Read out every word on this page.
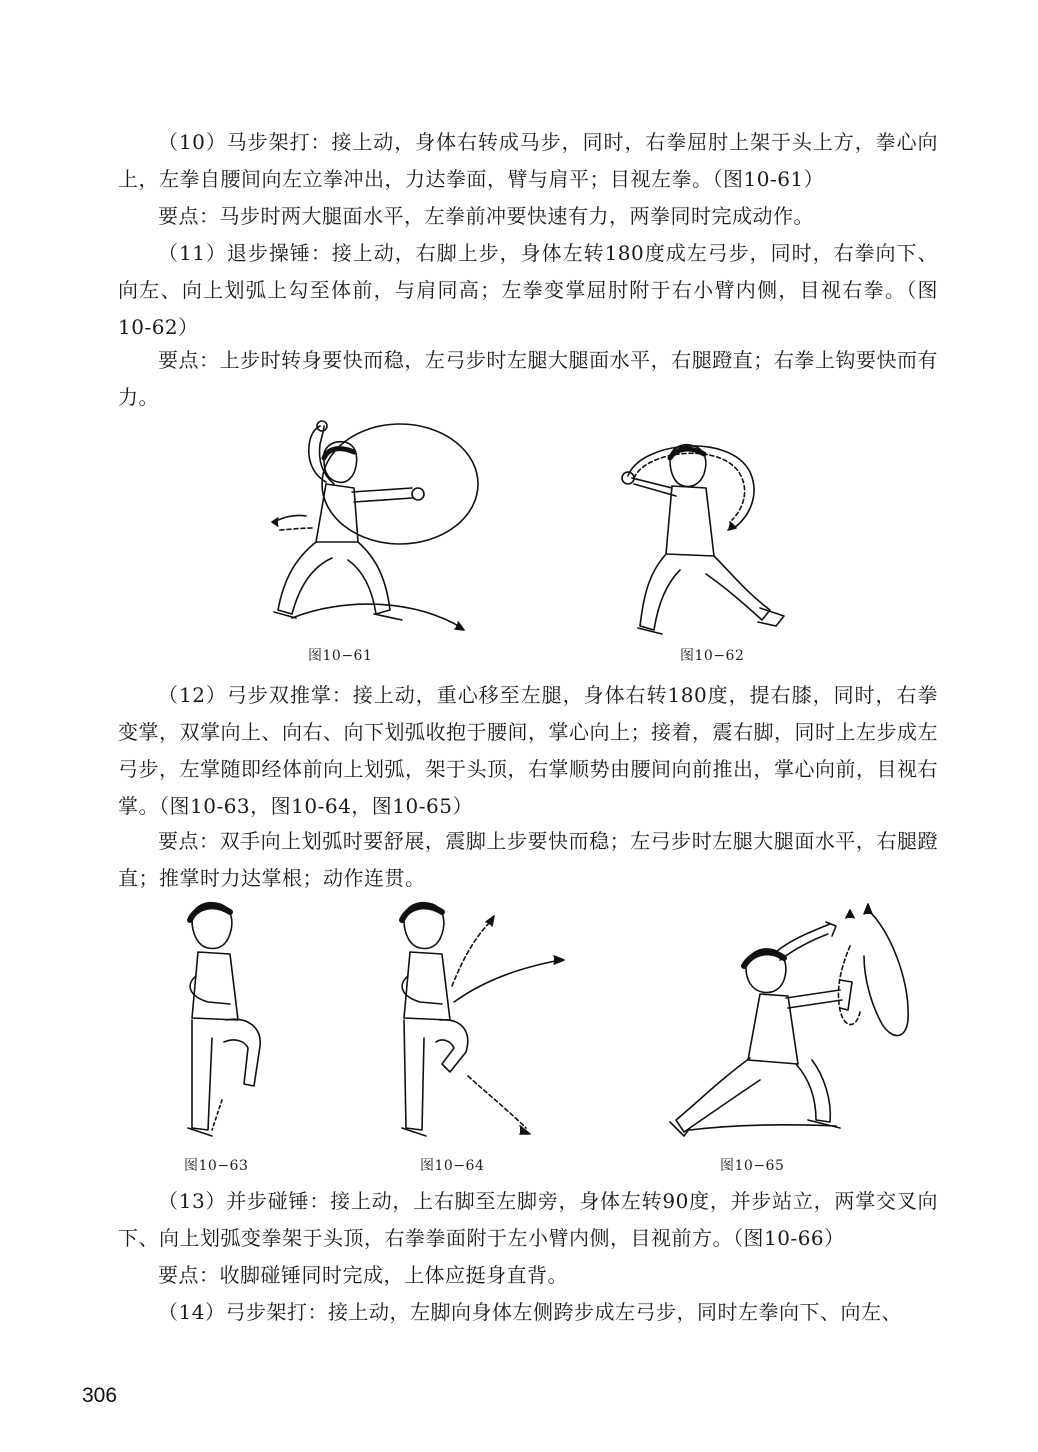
（10）马步架打：接上动，身体右转成马步，同时，右拳屈肘上架于头上方，拳心向上，左拳自腰间向左立拳冲出，力达拳面，臂与肩平；目视左拳。（图10-61）

要点：马步时两大腿面水平，左拳前冲要快速有力，两拳同时完成动作。

（11）退步操锤：接上动，右脚上步，身体左转180度成左弓步，同时，右拳向下、向左、向上划弧上勾至体前，与肩同高；左拳变掌屈肘附于右小臂内侧，目视右拳。（图10-62）

要点：上步时转身要快而稳，左弓步时左腿大腿面水平，右腿蹬直；右拳上钩要快而有力。

图10−61	图10−62

（12）弓步双推掌：接上动，重心移至左腿，身体右转180度，提右膝，同时，右拳变掌，双掌向上、向右、向下划弧收抱于腰间，掌心向上；接着，震右脚，同时上左步成左弓步，左掌随即经体前向上划弧，架于头顶，右掌顺势由腰间向前推出，掌心向前，目视右掌。（图10-63，图10-64，图10-65）

要点：双手向上划弧时要舒展，震脚上步要快而稳；左弓步时左腿大腿面水平，右腿蹬直；推掌时力达掌根；动作连贯。

图10−63	图10−64	图10−65

（13）并步碰锤：接上动，上右脚至左脚旁，身体左转90度，并步站立，两掌交叉向下、向上划弧变拳架于头顶，右拳拳面附于左小臂内侧，目视前方。（图10-66）

要点：收脚碰锤同时完成，上体应挺身直背。

（14）弓步架打：接上动，左脚向身体左侧跨步成左弓步，同时左拳向下、向左、

306
